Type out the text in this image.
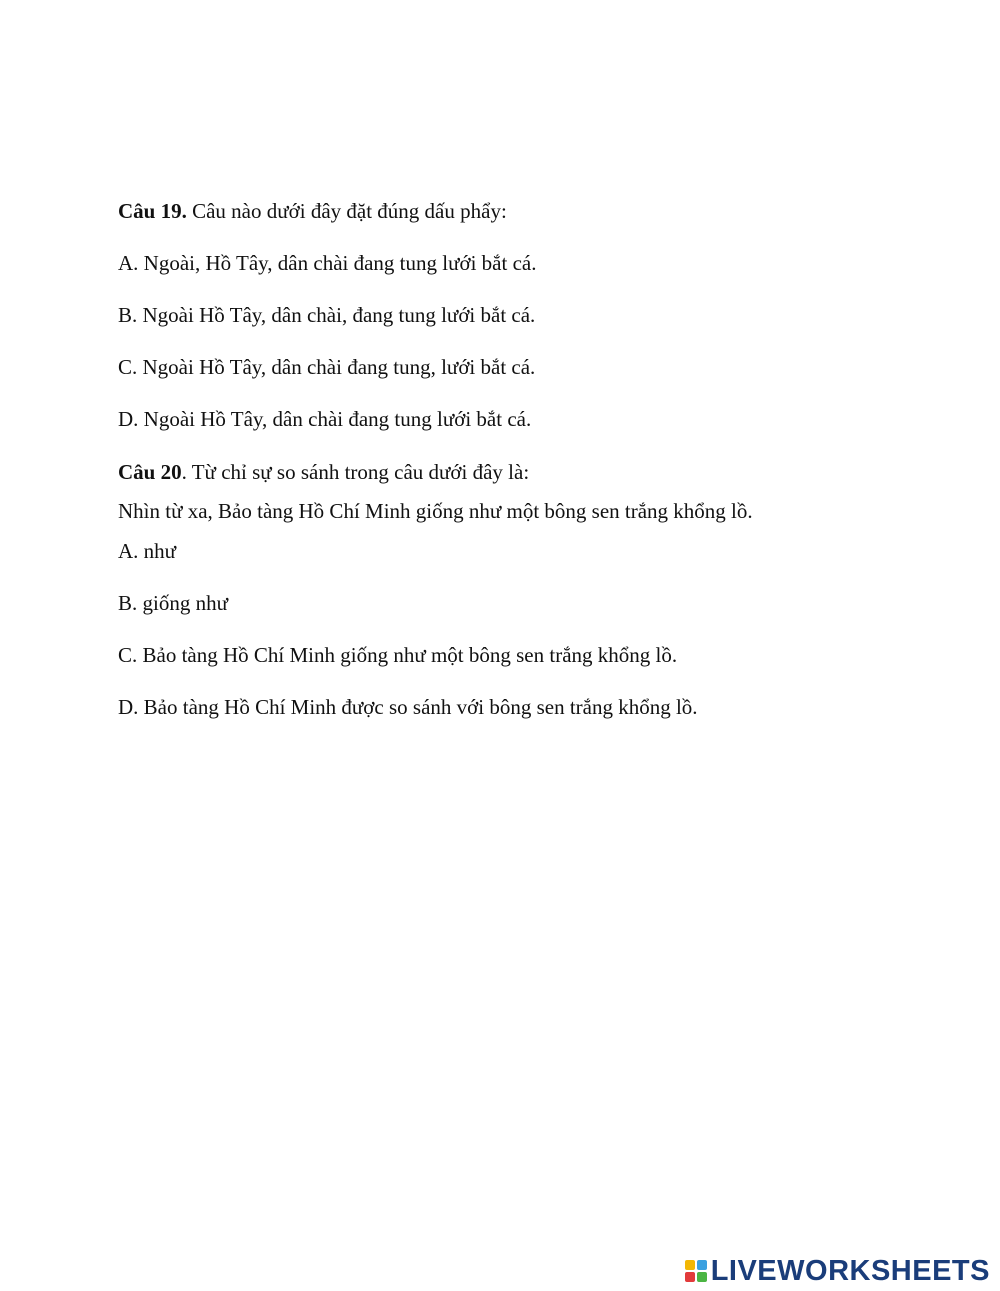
Câu 19. Câu nào dưới đây đặt đúng dấu phẩy:
A. Ngoài, Hồ Tây, dân chài đang tung lưới bắt cá.
B. Ngoài Hồ Tây, dân chài, đang tung lưới bắt cá.
C. Ngoài Hồ Tây, dân chài đang tung, lưới bắt cá.
D. Ngoài Hồ Tây, dân chài đang tung lưới bắt cá.
Câu 20. Từ chỉ sự so sánh trong câu dưới đây là:
Nhìn từ xa, Bảo tàng Hồ Chí Minh giống như một bông sen trắng khổng lồ.
A. như
B. giống như
C. Bảo tàng Hồ Chí Minh giống như một bông sen trắng khổng lồ.
D. Bảo tàng Hồ Chí Minh được so sánh với bông sen trắng khổng lồ.
LIVEWORKSHEETS
